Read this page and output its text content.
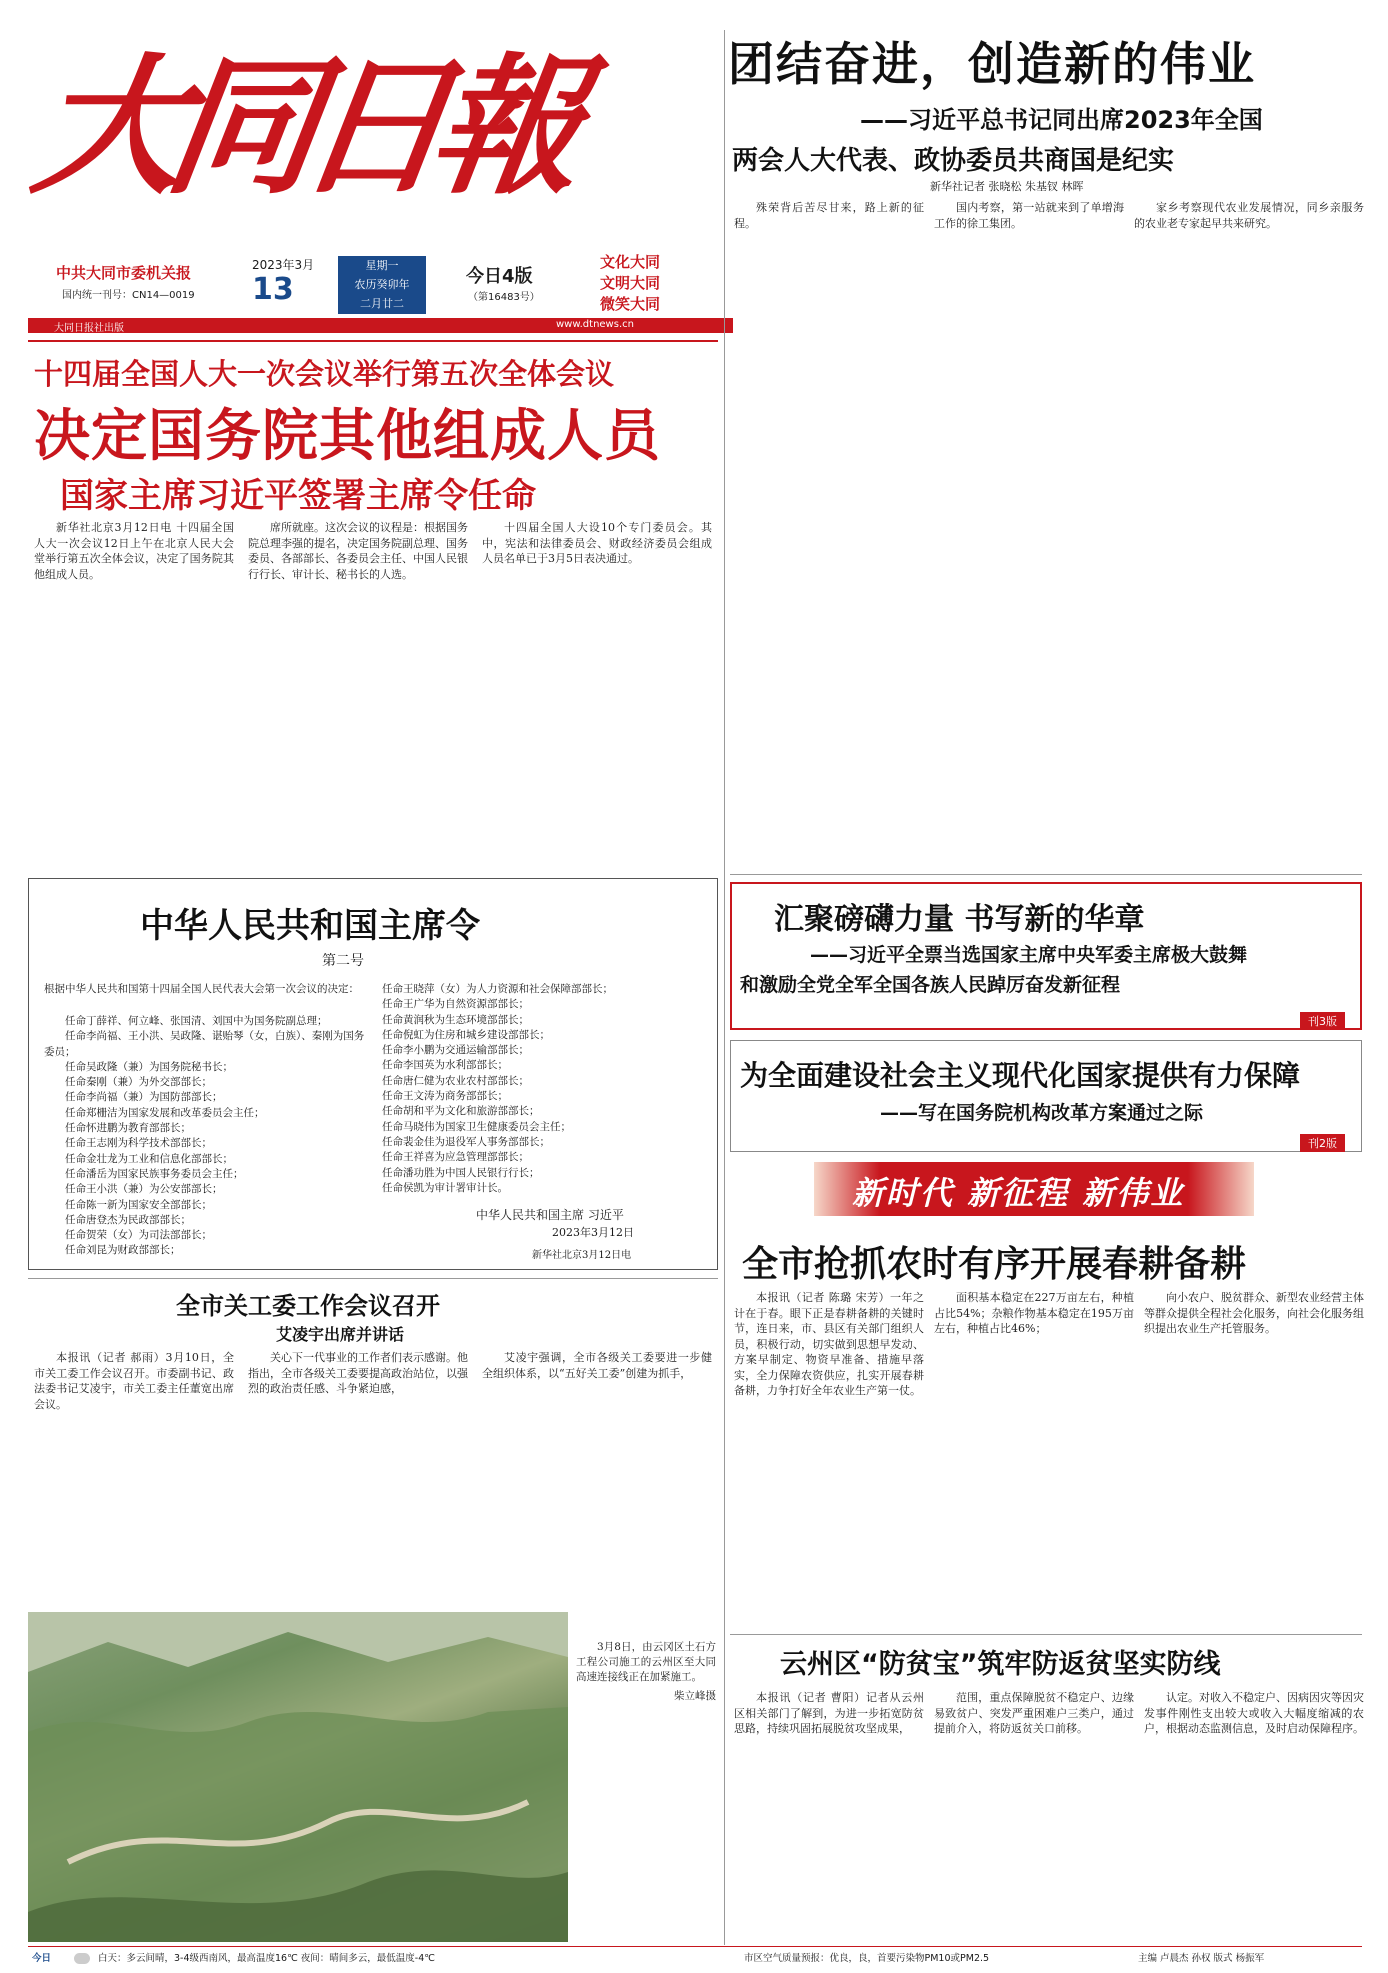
大同日報
中共大同市委机关报
国内统一刊号：CN14—0019
2023年3月
13
星期一
农历癸卯年
二月廿二
今日4版
（第16483号）
文化大同
文明大同
微笑大同
大同日报社出版	www.dtnews.cn
团结奋进，创造新的伟业
——习近平总书记同出席2023年全国
两会人大代表、政协委员共商国是纪实
新华社记者 张晓松 朱基钗 林晖

殊荣背后苦尽甘来，路上新的征程。

国内考察，第一站就来到了单增海工作的徐工集团。

家乡考察现代农业发展情况，同乡亲服务的农业老专家起早共来研究。

十四届全国人大一次会议举行第五次全体会议
决定国务院其他组成人员
国家主席习近平签署主席令任命

新华社北京3月12日电 十四届全国人大一次会议12日上午在北京人民大会堂举行第五次全体会议，决定了国务院其他组成人员。

席所就座。这次会议的议程是：根据国务院总理李强的提名，决定国务院副总理、国务委员、各部部长、各委员会主任、中国人民银行行长、审计长、秘书长的人选。

十四届全国人大设10个专门委员会。其中，宪法和法律委员会、财政经济委员会组成人员名单已于3月5日表决通过。

中华人民共和国主席令
第二号
根据中华人民共和国第十四届全国人民代表大会第一次会议的决定：
任命丁薛祥、何立峰、张国清、刘国中为国务院副总理；
任命李尚福、王小洪、吴政隆、谌贻琴（女，白族）、秦刚为国务委员；
任命吴政隆（兼）为国务院秘书长；
任命秦刚（兼）为外交部部长；
任命李尚福（兼）为国防部部长；
任命郑栅洁为国家发展和改革委员会主任；
任命怀进鹏为教育部部长；
任命王志刚为科学技术部部长；
任命金壮龙为工业和信息化部部长；
任命潘岳为国家民族事务委员会主任；
任命王小洪（兼）为公安部部长；
任命陈一新为国家安全部部长；
任命唐登杰为民政部部长；
任命贺荣（女）为司法部部长；
任命刘昆为财政部部长；
任命王晓萍（女）为人力资源和社会保障部部长；
任命王广华为自然资源部部长；
任命黄润秋为生态环境部部长；
任命倪虹为住房和城乡建设部部长；
任命李小鹏为交通运输部部长；
任命李国英为水利部部长；
任命唐仁健为农业农村部部长；
任命王文涛为商务部部长；
任命胡和平为文化和旅游部部长；
任命马晓伟为国家卫生健康委员会主任；
任命裴金佳为退役军人事务部部长；
任命王祥喜为应急管理部部长；
任命潘功胜为中国人民银行行长；
任命侯凯为审计署审计长。
中华人民共和国主席 习近平
2023年3月12日
新华社北京3月12日电
全市关工委工作会议召开
艾凌宇出席并讲话

本报讯（记者 郝雨）3月10日，全市关工委工作会议召开。市委副书记、政法委书记艾凌宇，市关工委主任董宽出席会议。

关心下一代事业的工作者们表示感谢。他指出，全市各级关工委要提高政治站位，以强烈的政治责任感、斗争紧迫感，

艾凌宇强调，全市各级关工委要进一步健全组织体系，以“五好关工委”创建为抓手，

3月8日，由云冈区土石方工程公司施工的云州区至大同高速连接线正在加紧施工。

柴立峰摄
汇聚磅礴力量 书写新的华章
——习近平全票当选国家主席中央军委主席极大鼓舞
和激励全党全军全国各族人民踔厉奋发新征程
刊3版
为全面建设社会主义现代化国家提供有力保障
——写在国务院机构改革方案通过之际
刊2版
新时代 新征程 新伟业
全市抢抓农时有序开展春耕备耕

本报讯（记者 陈璐 宋芳）一年之计在于春。眼下正是春耕备耕的关键时节，连日来，市、县区有关部门组织人员，积极行动，切实做到思想早发动、方案早制定、物资早准备、措施早落实，全力保障农资供应，扎实开展春耕备耕，力争打好全年农业生产第一仗。

面积基本稳定在227万亩左右，种植占比54%；杂粮作物基本稳定在195万亩左右，种植占比46%；

向小农户、脱贫群众、新型农业经营主体等群众提供全程社会化服务，向社会化服务组织提出农业生产托管服务。

云州区“防贫宝”筑牢防返贫坚实防线

本报讯（记者 曹阳）记者从云州区相关部门了解到，为进一步拓宽防贫思路，持续巩固拓展脱贫攻坚成果，

范围，重点保障脱贫不稳定户、边缘易致贫户、突发严重困难户三类户，通过提前介入，将防返贫关口前移。

认定。对收入不稳定户、因病因灾等因灾发事件刚性支出较大或收入大幅度缩减的农户，根据动态监测信息，及时启动保障程序。

今日	白天：多云间晴，3-4级西南风，最高温度16℃ 夜间：晴间多云，最低温度-4℃	市区空气质量预报：优良，良，首要污染物PM10或PM2.5	主编 卢晨杰 孙权 版式 杨振军
